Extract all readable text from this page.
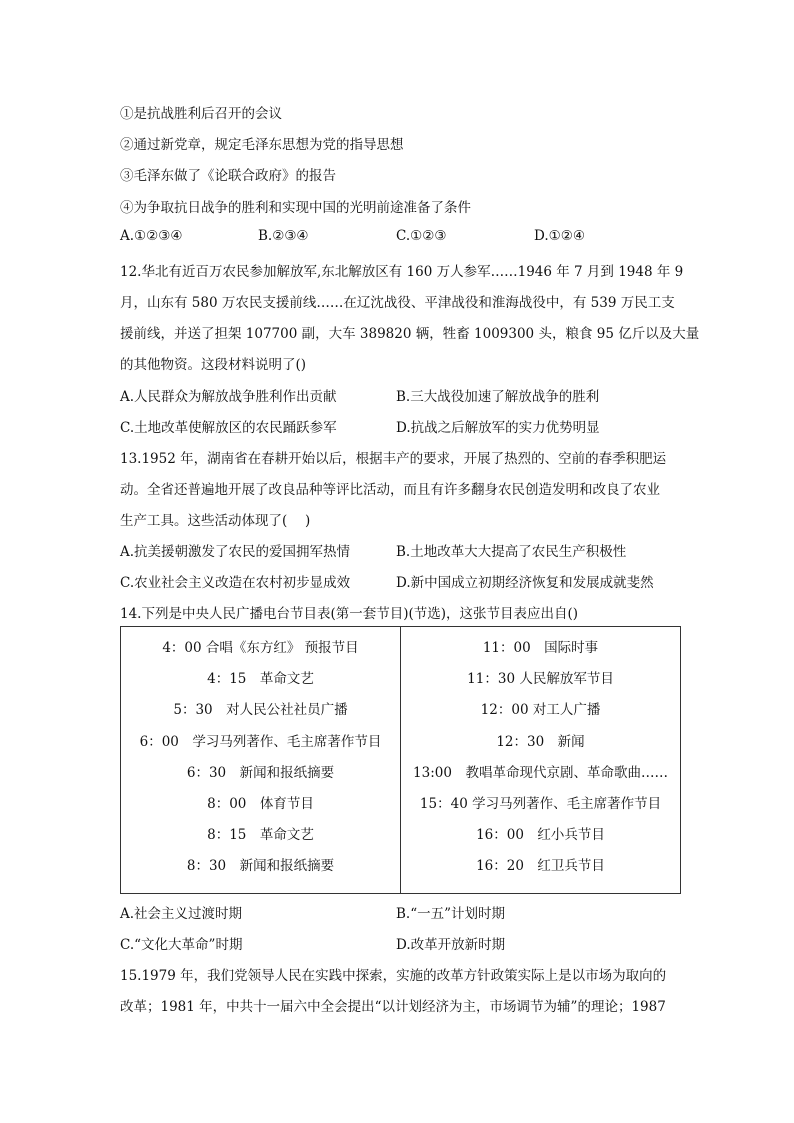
①是抗战胜利后召开的会议
②通过新党章，规定毛泽东思想为党的指导思想
③毛泽东做了《论联合政府》的报告
④为争取抗日战争的胜利和实现中国的光明前途准备了条件
A.①②③④	B.②③④	C.①②③	D.①②④
12.华北有近百万农民参加解放军,东北解放区有 160 万人参军……1946 年 7 月到 1948 年 9
月，山东有 580 万农民支援前线……在辽沈战役、平津战役和淮海战役中，有 539 万民工支
援前线，并送了担架 107700 副，大车 389820 辆，牲畜 1009300 头，粮食 95 亿斤以及大量
的其他物资。这段材料说明了()
A.人民群众为解放战争胜利作出贡献	B.三大战役加速了解放战争的胜利
C.土地改革使解放区的农民踊跃参军	D.抗战之后解放军的实力优势明显
13.1952 年，湖南省在春耕开始以后，根据丰产的要求，开展了热烈的、空前的春季积肥运
动。全省还普遍地开展了改良品种等评比活动，而且有许多翻身农民创造发明和改良了农业
生产工具。这些活动体现了(　 )
A.抗美援朝激发了农民的爱国拥军热情	B.土地改革大大提高了农民生产积极性
C.农业社会主义改造在农村初步显成效	D.新中国成立初期经济恢复和发展成就斐然
14.下列是中央人民广播电台节目表(第一套节目)(节选)，这张节目表应出自()
4：00 合唱《东方红》 预报节目
4：15　革命文艺
5：30　对人民公社社员广播
6：00　学习马列著作、毛主席著作节目
6：30　新闻和报纸摘要
8：00　体育节目
8：15　革命文艺
8：30　新闻和报纸摘要

11：00　国际时事
11：30 人民解放军节目
12：00 对工人广播
12：30　新闻
13:00　教唱革命现代京剧、革命歌曲……
15：40 学习马列著作、毛主席著作节目
16：00　红小兵节目
16：20　红卫兵节目
A.社会主义过渡时期	B.“一五”计划时期
C.“文化大革命”时期	D.改革开放新时期
15.1979 年，我们党领导人民在实践中探索，实施的改革方针政策实际上是以市场为取向的
改革；1981 年，中共十一届六中全会提出“以计划经济为主，市场调节为辅”的理论；1987
